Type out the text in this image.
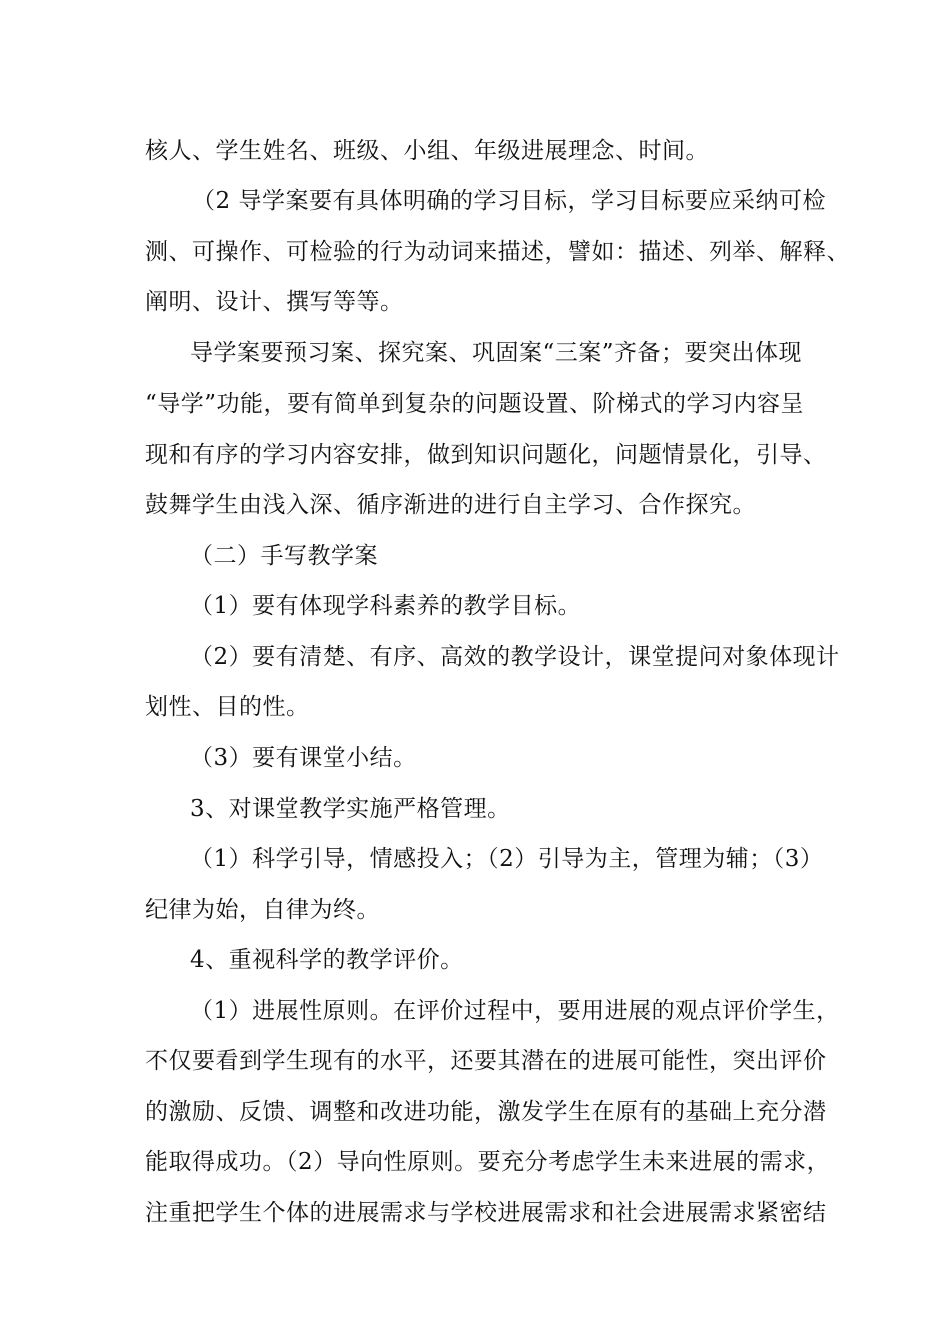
核人、学生姓名、班级、小组、年级进展理念、时间。
（2 导学案要有具体明确的学习目标，学习目标要应采纳可检
测、可操作、可检验的行为动词来描述，譬如：描述、列举、解释、
阐明、设计、撰写等等。
导学案要预习案、探究案、巩固案“三案”齐备；要突出体现
“导学”功能，要有简单到复杂的问题设置、阶梯式的学习内容呈
现和有序的学习内容安排，做到知识问题化，问题情景化，引导、
鼓舞学生由浅入深、循序渐进的进行自主学习、合作探究。
（二）手写教学案
（1）要有体现学科素养的教学目标。
（2）要有清楚、有序、高效的教学设计，课堂提问对象体现计
划性、目的性。
（3）要有课堂小结。
3、对课堂教学实施严格管理。
（1）科学引导，情感投入；（2）引导为主，管理为辅；（3）
纪律为始，自律为终。
4、重视科学的教学评价。
（1）进展性原则。在评价过程中，要用进展的观点评价学生，
不仅要看到学生现有的水平，还要其潜在的进展可能性，突出评价
的激励、反馈、调整和改进功能，激发学生在原有的基础上充分潜
能取得成功。（2）导向性原则。要充分考虑学生未来进展的需求，
注重把学生个体的进展需求与学校进展需求和社会进展需求紧密结
